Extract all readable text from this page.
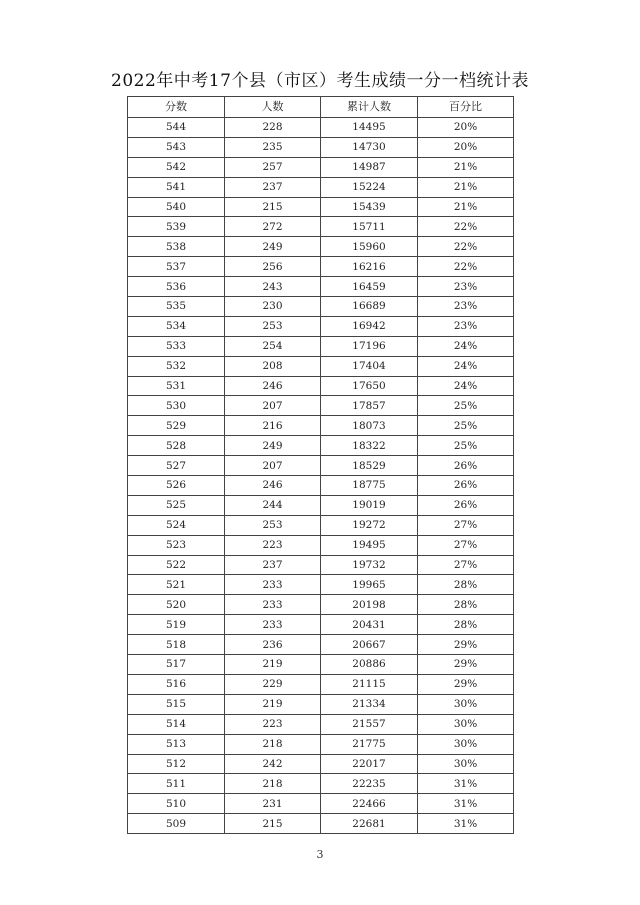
2022年中考17个县（市区）考生成绩一分一档统计表
分数	人数	累计人数	百分比
544	228	14495	20%
543	235	14730	20%
542	257	14987	21%
541	237	15224	21%
540	215	15439	21%
539	272	15711	22%
538	249	15960	22%
537	256	16216	22%
536	243	16459	23%
535	230	16689	23%
534	253	16942	23%
533	254	17196	24%
532	208	17404	24%
531	246	17650	24%
530	207	17857	25%
529	216	18073	25%
528	249	18322	25%
527	207	18529	26%
526	246	18775	26%
525	244	19019	26%
524	253	19272	27%
523	223	19495	27%
522	237	19732	27%
521	233	19965	28%
520	233	20198	28%
519	233	20431	28%
518	236	20667	29%
517	219	20886	29%
516	229	21115	29%
515	219	21334	30%
514	223	21557	30%
513	218	21775	30%
512	242	22017	30%
511	218	22235	31%
510	231	22466	31%
509	215	22681	31%
3
